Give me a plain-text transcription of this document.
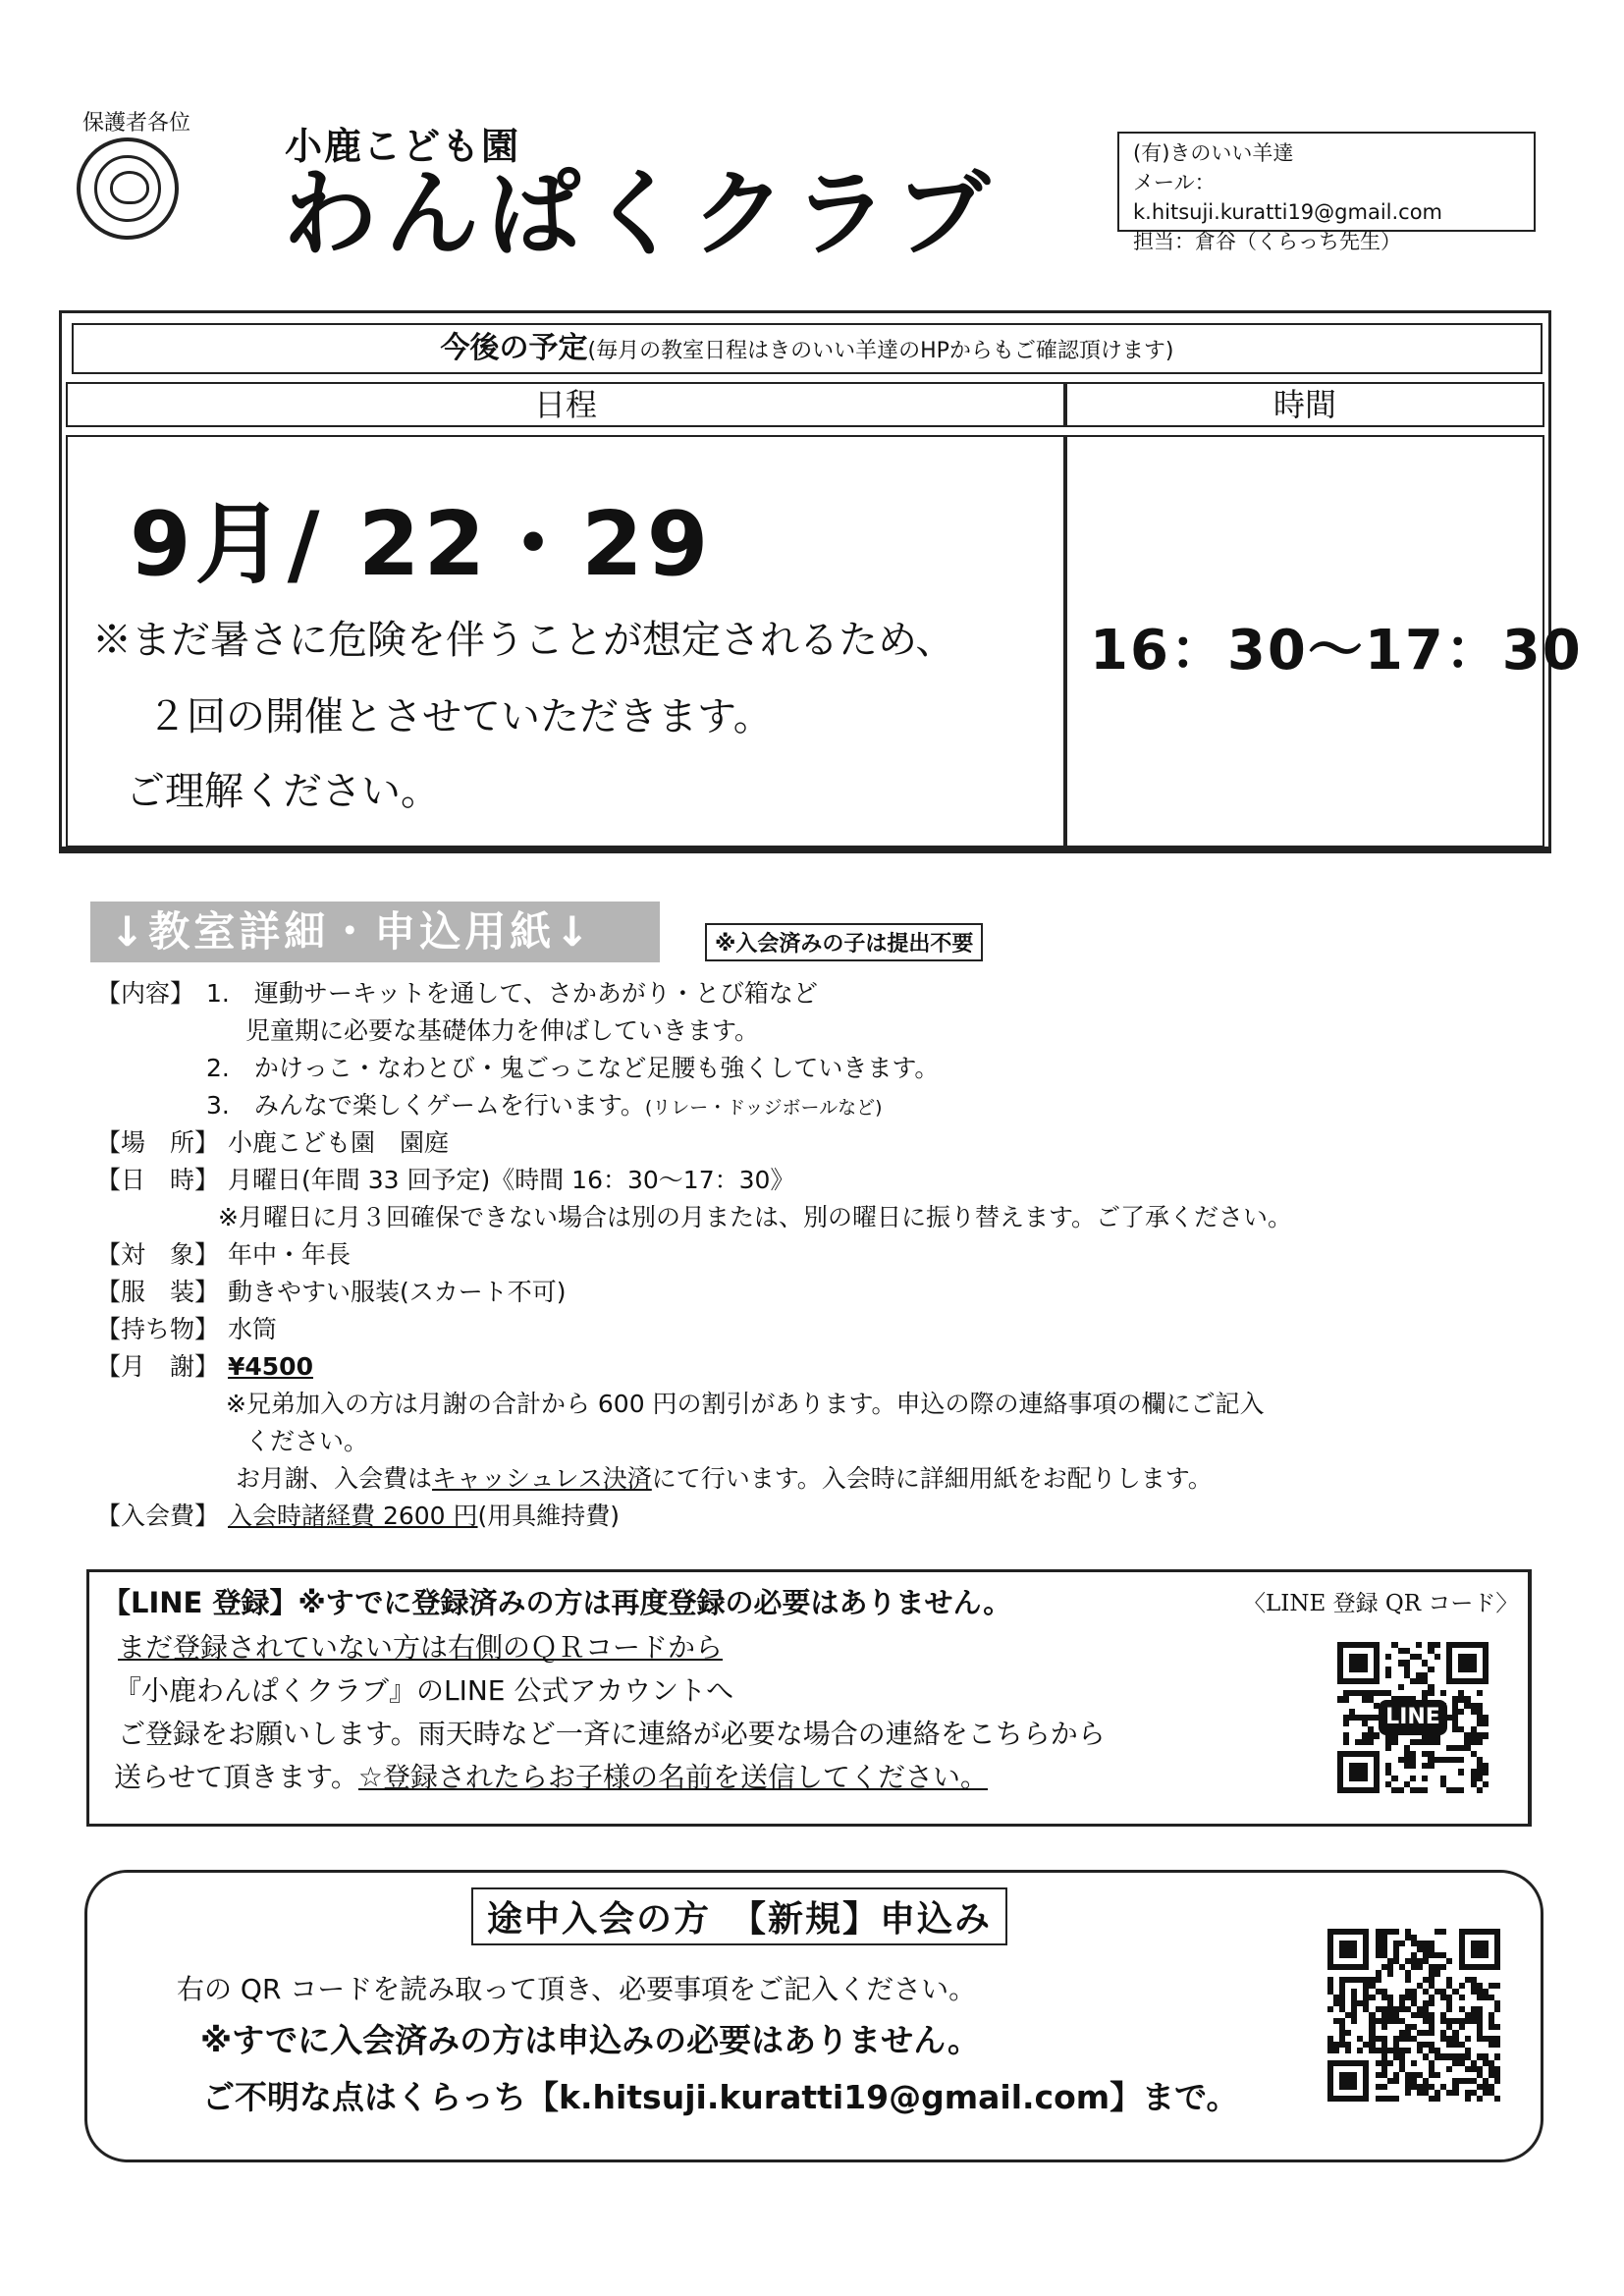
保護者各位
小鹿こども園
わんぱくクラブ
(有)きのいい羊達
メール：k.hitsuji.kuratti19@gmail.com
担当：倉谷（くらっち先生）
今後の予定(毎月の教室日程はきのいい羊達のHPからもご確認頂けます)
日程	時間
9月/ 22・29
※まだ暑さに危険を伴うことが想定されるため、
２回の開催とさせていただきます。
ご理解ください。
16：30〜17：30
↓教室詳細・申込用紙↓	※入会済みの子は提出不要
【内容】 1.　運動サーキットを通して、さかあがり・とび箱など
児童期に必要な基礎体力を伸ばしていきます。
2.　かけっこ・なわとび・鬼ごっこなど足腰も強くしていきます。
3.　みんなで楽しくゲームを行います。(リレー・ドッジボールなど)
【場　所】 小鹿こども園　園庭
【日　時】 月曜日(年間 33 回予定)《時間 16：30〜17：30》
※月曜日に月３回確保できない場合は別の月または、別の曜日に振り替えます。ご了承ください。
【対　象】 年中・年長
【服　装】 動きやすい服装(スカート不可)
【持ち物】 水筒
【月　謝】 ¥4500
※兄弟加入の方は月謝の合計から 600 円の割引があります。申込の際の連絡事項の欄にご記入
ください。
お月謝、入会費はキャッシュレス決済にて行います。入会時に詳細用紙をお配りします。
【入会費】 入会時諸経費 2600 円(用具維持費)
【LINE 登録】※すでに登録済みの方は再度登録の必要はありません。	〈LINE 登録 QR コード〉
まだ登録されていない方は右側のＱＲコードから
『小鹿わんぱくクラブ』のLINE 公式アカウントへ
ご登録をお願いします。雨天時など一斉に連絡が必要な場合の連絡をこちらから
送らせて頂きます。☆登録されたらお子様の名前を送信してください。
LINE
途中入会の方　【新規】申込み
右の QR コードを読み取って頂き、必要事項をご記入ください。
※すでに入会済みの方は申込みの必要はありません。
ご不明な点はくらっち【k.hitsuji.kuratti19@gmail.com】まで。
